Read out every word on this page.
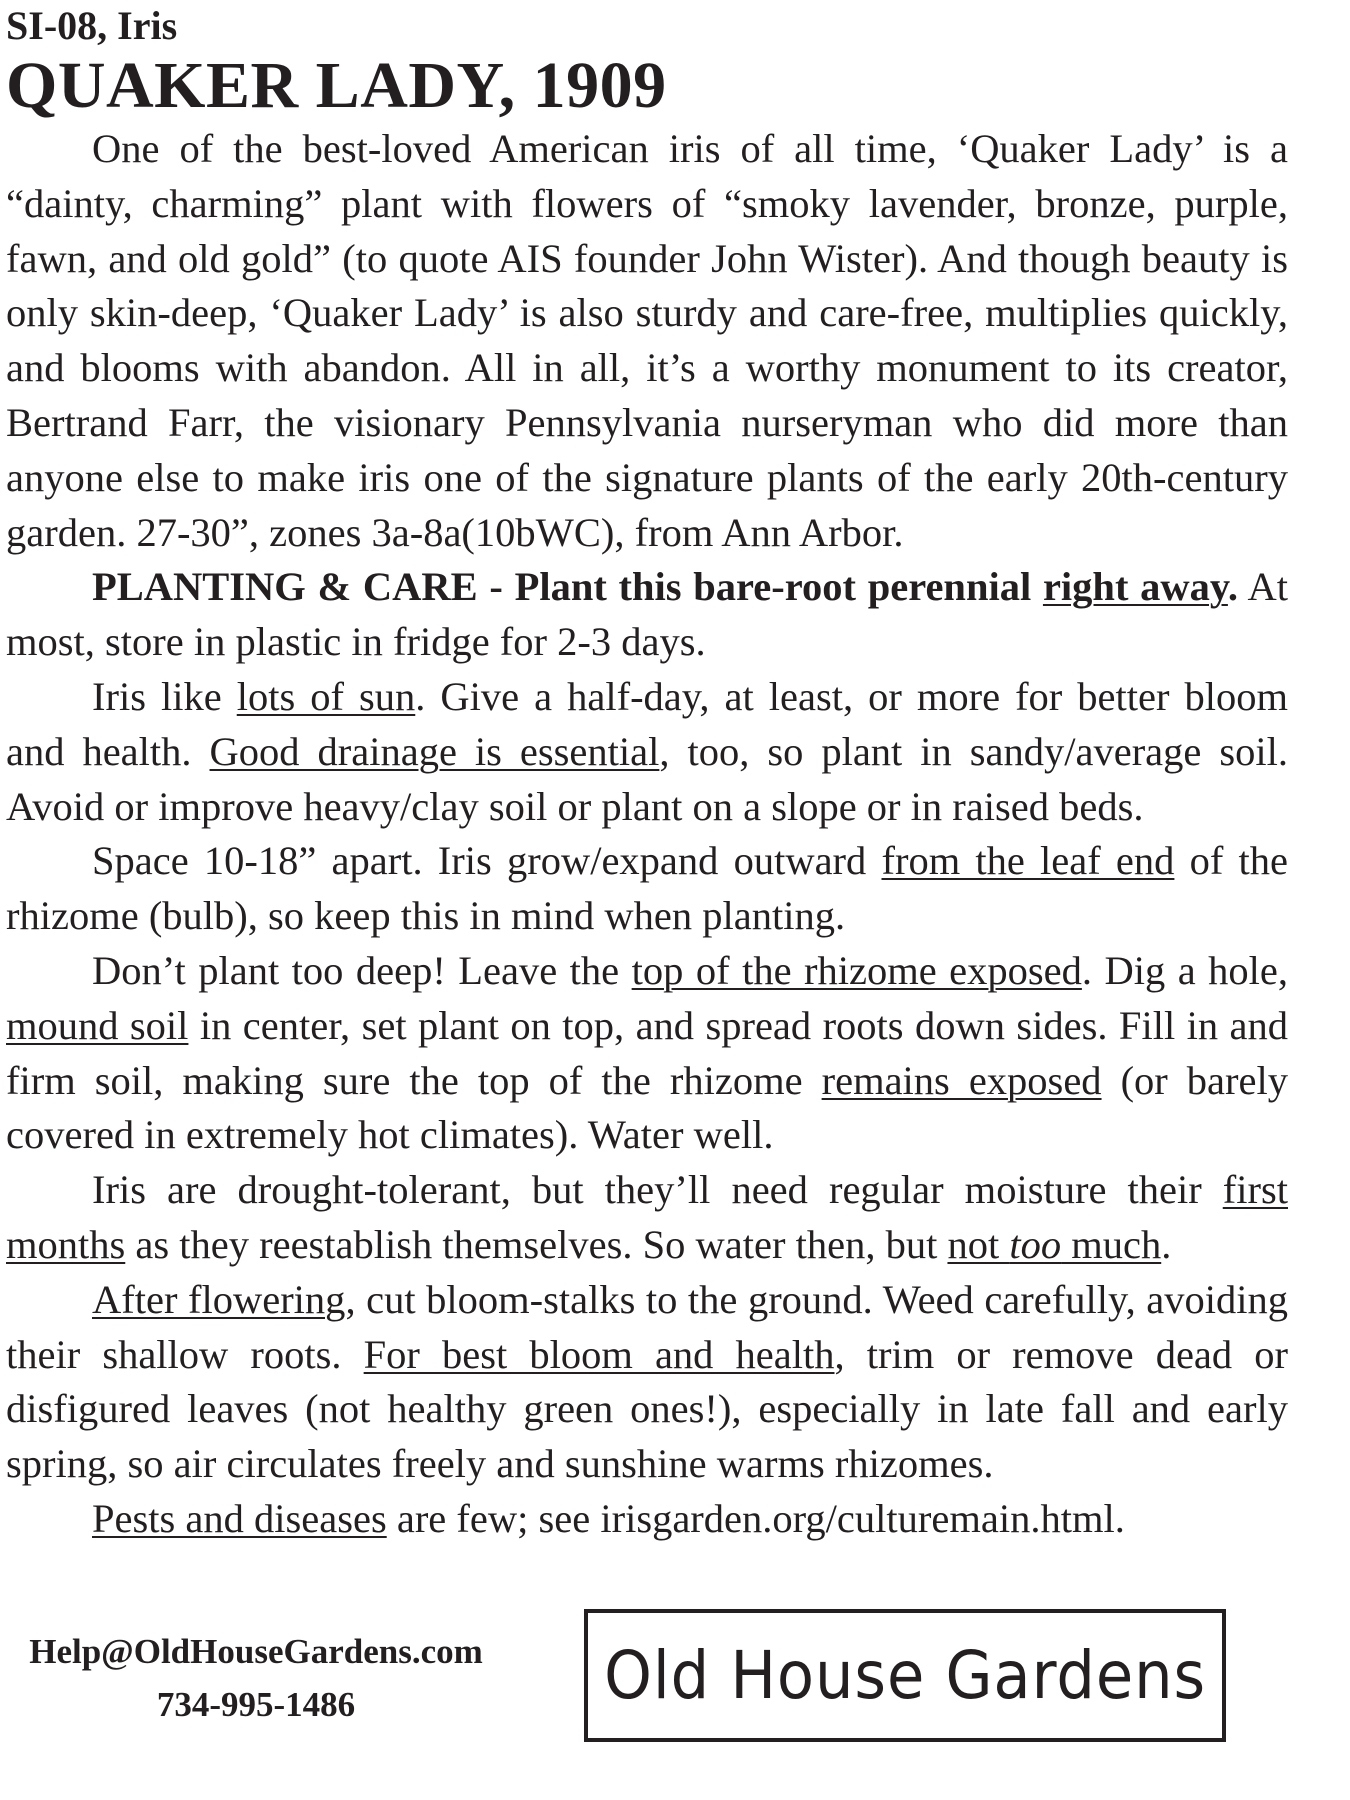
SI-08, Iris
QUAKER LADY, 1909

One of the best-loved American iris of all time, ‘Quaker Lady’ is a “dainty, charming” plant with flowers of “smoky lavender, bronze, purple, fawn, and old gold” (to quote AIS founder John Wister). And though beauty is only skin-deep, ‘Quaker Lady’ is also sturdy and care-free, multiplies quickly, and blooms with abandon. All in all, it’s a worthy monument to its creator, Bertrand Farr, the visionary Pennsylvania nurseryman who did more than anyone else to make iris one of the signature plants of the early 20th-century garden. 27-30”, zones 3a-8a(10bWC), from Ann Arbor.

PLANTING & CARE - Plant this bare-root perennial right away. At most, store in plastic in fridge for 2-3 days.

Iris like lots of sun. Give a half-day, at least, or more for better bloom and health. Good drainage is essential, too, so plant in sandy/average soil. Avoid or improve heavy/clay soil or plant on a slope or in raised beds.

Space 10-18” apart. Iris grow/expand outward from the leaf end of the rhizome (bulb), so keep this in mind when planting.

Don’t plant too deep! Leave the top of the rhizome exposed. Dig a hole, mound soil in center, set plant on top, and spread roots down sides. Fill in and firm soil, making sure the top of the rhizome remains exposed (or barely covered in extremely hot climates). Water well.

Iris are drought-tolerant, but they’ll need regular moisture their first months as they reestablish themselves. So water then, but not too much.

After flowering, cut bloom-stalks to the ground. Weed carefully, avoiding their shallow roots. For best bloom and health, trim or remove dead or disfigured leaves (not healthy green ones!), especially in late fall and early spring, so air circulates freely and sunshine warms rhizomes.

Pests and diseases are few; see irisgarden.org/culturemain.html.

Help@OldHouseGardens.com
734-995-1486	Old House Gardens
